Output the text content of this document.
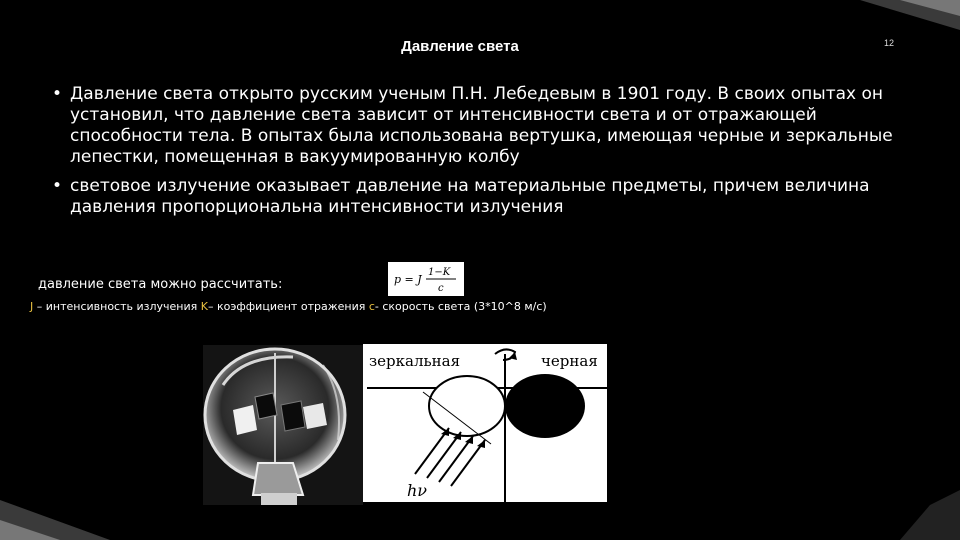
Давление света	12
• Давление света открыто русским ученым П.Н. Лебедевым в 1901 году. В своих опытах он установил, что давление света зависит от интенсивности света и от отражающей способности тела. В опытах была использована вертушка, имеющая черные и зеркальные лепестки, помещенная в вакуумированную колбу
• световое излучение оказывает давление на материальные предметы, причем величина давления пропорциональна интенсивности излучения
давление света можно рассчитать:	p = J
1−K
c
J – интенсивность излучения K– коэффициент отражения c- скорость света (3*10^8 м/с)
зеркальная	черная
hν
